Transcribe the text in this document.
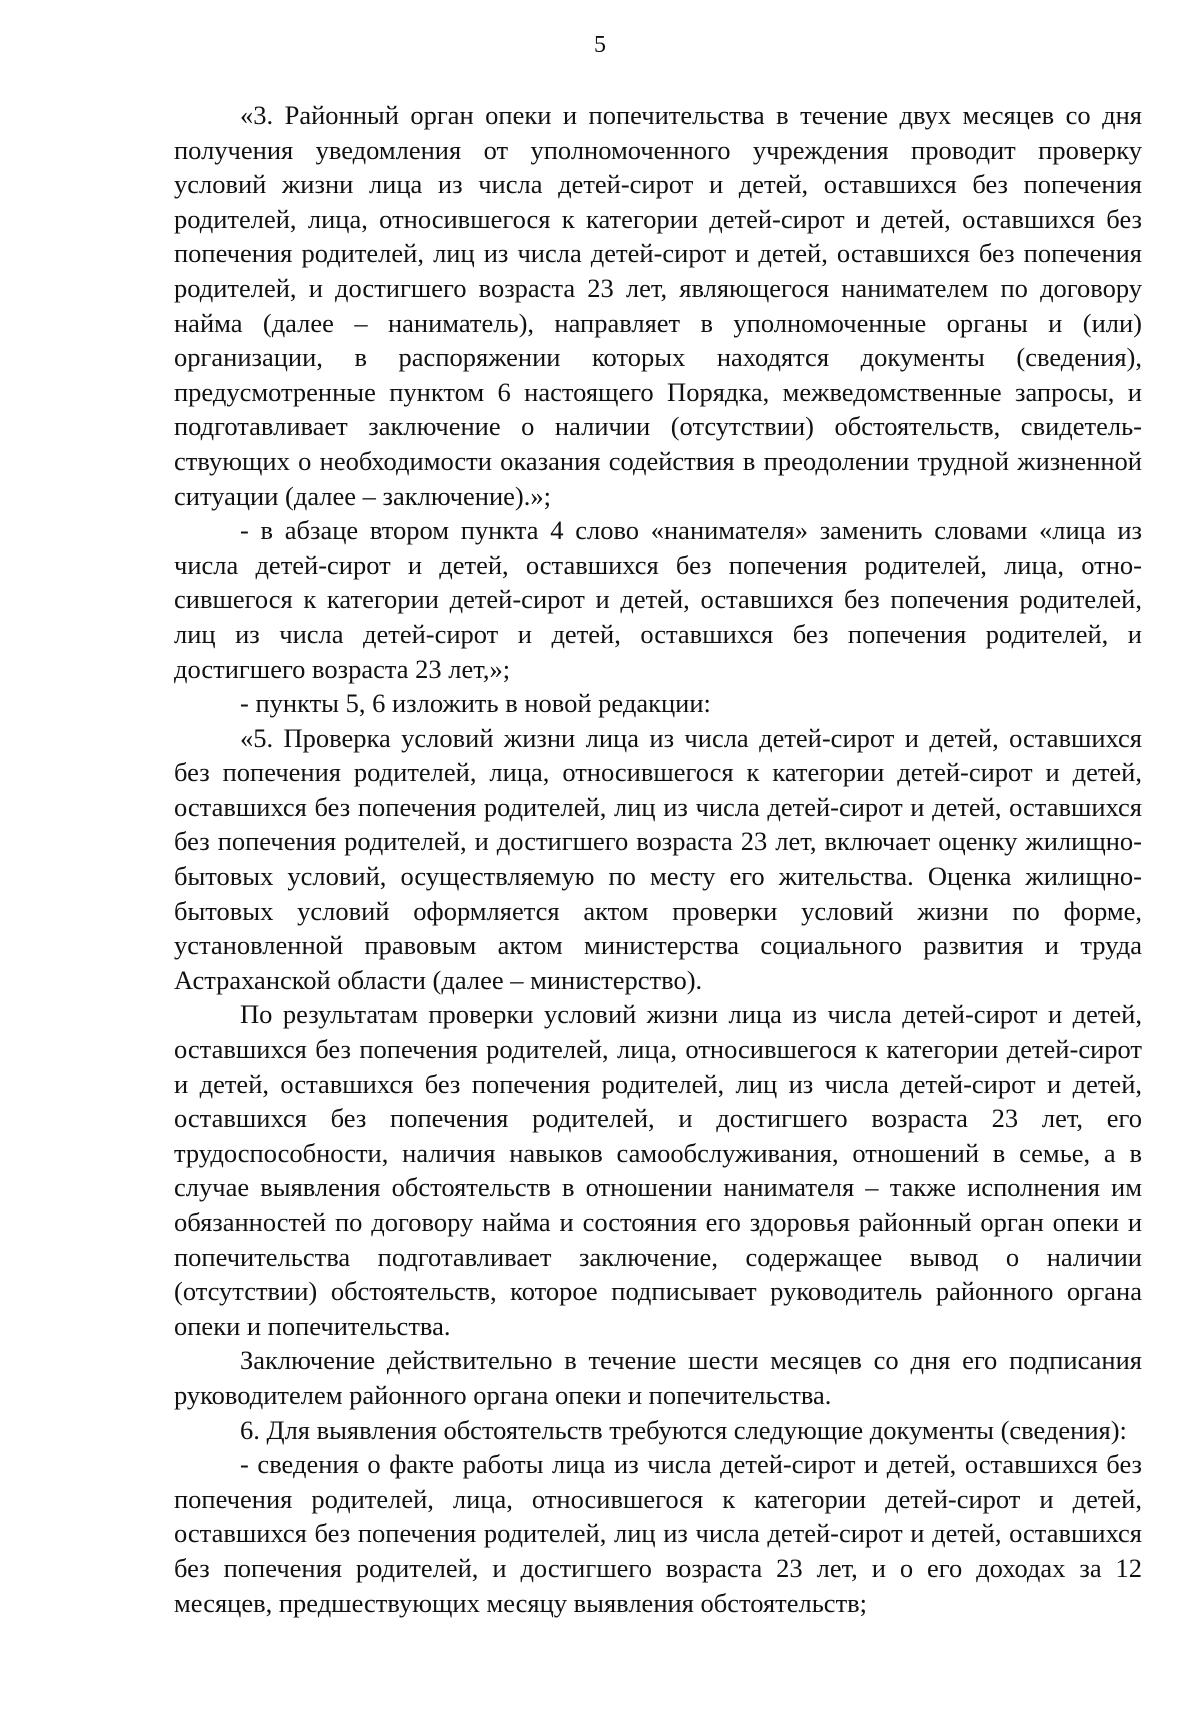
5

«3. Районный орган опеки и попечительства в течение двух месяцев со дня получения уведомления от уполномоченного учреждения проводит проверку условий жизни лица из числа детей-сирот и детей, оставшихся без попечения родителей, лица, относившегося к категории детей-сирот и детей, оставшихся без попечения родителей, лиц из числа детей-сирот и детей, оставшихся без попечения родителей, и достигшего возраста 23 лет, являющегося нанимателем по договору найма (далее – наниматель), направляет в уполномоченные органы и (или) организации, в распоряжении которых находятся документы (сведения), предусмотренные пунктом 6 настоящего Порядка, межведомственные запросы, и подготавливает заключение о наличии (отсутствии) обстоятельств, свидетельствующих о необходимости оказания содействия в преодолении трудной жизненной ситуации (далее – заключение).»;

- в абзаце втором пункта 4 слово «нанимателя» заменить словами «лица из числа детей-сирот и детей, оставшихся без попечения родителей, лица, относившегося к категории детей-сирот и детей, оставшихся без попечения родителей, лиц из числа детей-сирот и детей, оставшихся без попечения родителей, и достигшего возраста 23 лет,»;

- пункты 5, 6 изложить в новой редакции:

«5. Проверка условий жизни лица из числа детей-сирот и детей, оставшихся без попечения родителей, лица, относившегося к категории детей-сирот и детей, оставшихся без попечения родителей, лиц из числа детей-сирот и детей, оставшихся без попечения родителей, и достигшего возраста 23 лет, включает оценку жилищно-бытовых условий, осуществляемую по месту его жительства. Оценка жилищно-бытовых условий оформляется актом проверки условий жизни по форме, установленной правовым актом министерства социального развития и труда Астраханской области (далее – министерство).

По результатам проверки условий жизни лица из числа детей-сирот и детей, оставшихся без попечения родителей, лица, относившегося к категории детей-сирот и детей, оставшихся без попечения родителей, лиц из числа детей-сирот и детей, оставшихся без попечения родителей, и достигшего возраста 23 лет, его трудоспособности, наличия навыков самообслуживания, отношений в семье, а в случае выявления обстоятельств в отношении нанимателя – также исполнения им обязанностей по договору найма и состояния его здоровья районный орган опеки и попечительства подготавливает заключение, содержащее вывод о наличии (отсутствии) обстоятельств, которое подписывает руководитель районного органа опеки и попечительства.

Заключение действительно в течение шести месяцев со дня его подписания руководителем районного органа опеки и попечительства.

6. Для выявления обстоятельств требуются следующие документы (сведения):

- сведения о факте работы лица из числа детей-сирот и детей, оставшихся без попечения родителей, лица, относившегося к категории детей-сирот и детей, оставшихся без попечения родителей, лиц из числа детей-сирот и детей, оставшихся без попечения родителей, и достигшего возраста 23 лет, и о его доходах за 12 месяцев, предшествующих месяцу выявления обстоятельств;
